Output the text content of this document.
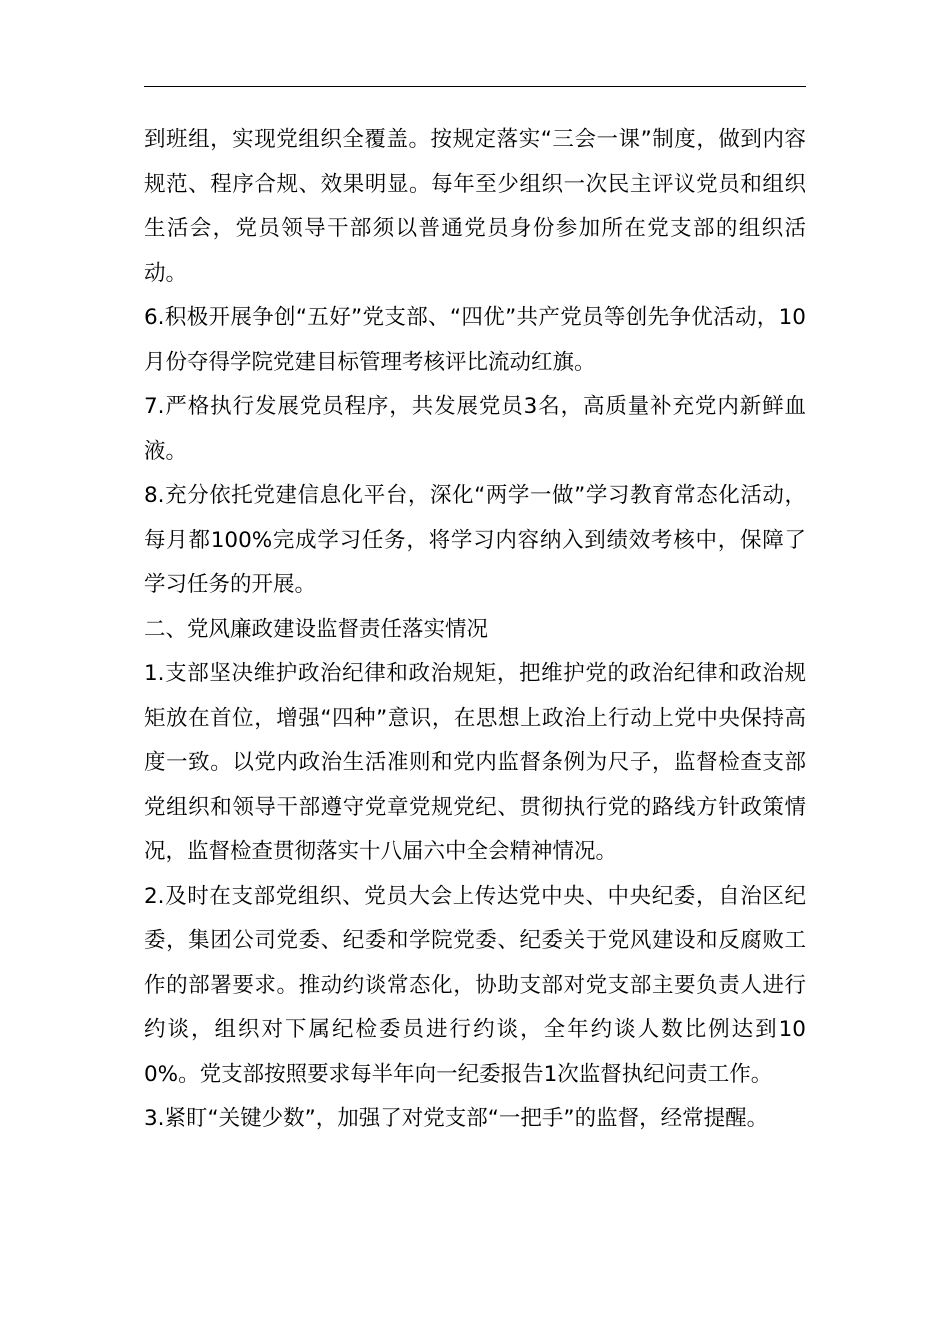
到班组，实现党组织全覆盖。按规定落实“三会一课”制度，做到内容规范、程序合规、效果明显。每年至少组织一次民主评议党员和组织生活会，党员领导干部须以普通党员身份参加所在党支部的组织活动。

6.积极开展争创“五好”党支部、“四优”共产党员等创先争优活动，10月份夺得学院党建目标管理考核评比流动红旗。

7.严格执行发展党员程序，共发展党员3名，高质量补充党内新鲜血液。

8.充分依托党建信息化平台，深化“两学一做”学习教育常态化活动，每月都100%完成学习任务，将学习内容纳入到绩效考核中，保障了学习任务的开展。

二、党风廉政建设监督责任落实情况

1.支部坚决维护政治纪律和政治规矩，把维护党的政治纪律和政治规矩放在首位，增强“四种”意识，在思想上政治上行动上党中央保持高度一致。以党内政治生活准则和党内监督条例为尺子，监督检查支部党组织和领导干部遵守党章党规党纪、贯彻执行党的路线方针政策情况，监督检查贯彻落实十八届六中全会精神情况。

2.及时在支部党组织、党员大会上传达党中央、中央纪委，自治区纪委，集团公司党委、纪委和学院党委、纪委关于党风建设和反腐败工作的部署要求。推动约谈常态化，协助支部对党支部主要负责人进行约谈，组织对下属纪检委员进行约谈，全年约谈人数比例达到100%。党支部按照要求每半年向一纪委报告1次监督执纪问责工作。

3.紧盯“关键少数”，加强了对党支部“一把手”的监督，经常提醒。
